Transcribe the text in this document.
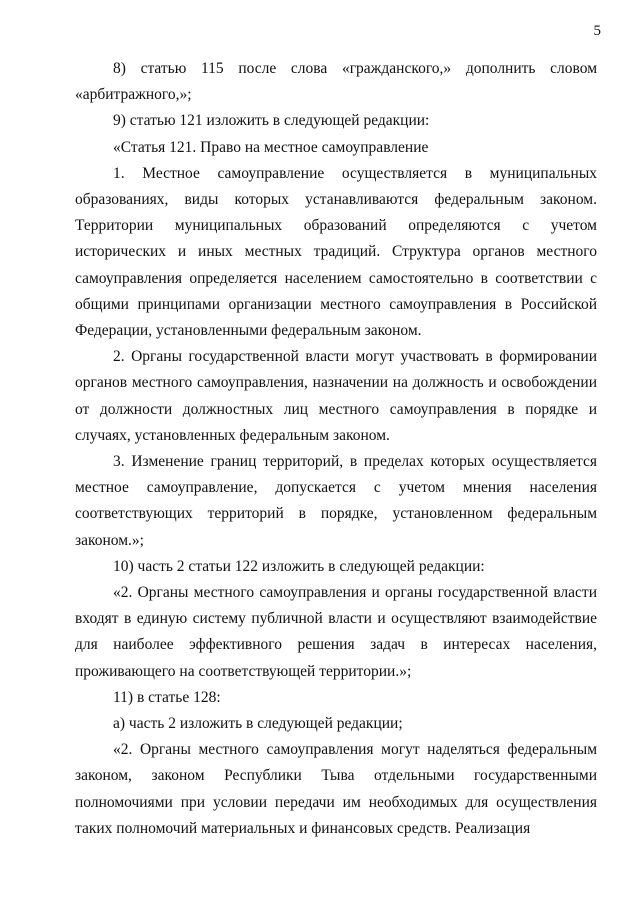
5

8) статью 115 после слова «гражданского,» дополнить словом «арбитражного,»;

9) статью 121 изложить в следующей редакции:

«Статья 121. Право на местное самоуправление

1. Местное самоуправление осуществляется в муниципальных образованиях, виды которых устанавливаются федеральным законом. Территории муниципальных образований определяются с учетом исторических и иных местных традиций. Структура органов местного самоуправления определяется населением самостоятельно в соответствии с общими принципами организации местного самоуправления в Российской Федерации, установленными федеральным законом.

2. Органы государственной власти могут участвовать в формировании органов местного самоуправления, назначении на должность и освобождении от должности должностных лиц местного самоуправления в порядке и случаях, установленных федеральным законом.

3. Изменение границ территорий, в пределах которых осуществляется местное самоуправление, допускается с учетом мнения населения соответствующих территорий в порядке, установленном федеральным законом.»;

10) часть 2 статьи 122 изложить в следующей редакции:

«2. Органы местного самоуправления и органы государственной власти входят в единую систему публичной власти и осуществляют взаимодействие для наиболее эффективного решения задач в интересах населения, проживающего на соответствующей территории.»;

11) в статье 128:

а) часть 2 изложить в следующей редакции;

«2. Органы местного самоуправления могут наделяться федеральным законом, законом Республики Тыва отдельными государственными полномочиями при условии передачи им необходимых для осуществления таких полномочий материальных и финансовых средств. Реализация
